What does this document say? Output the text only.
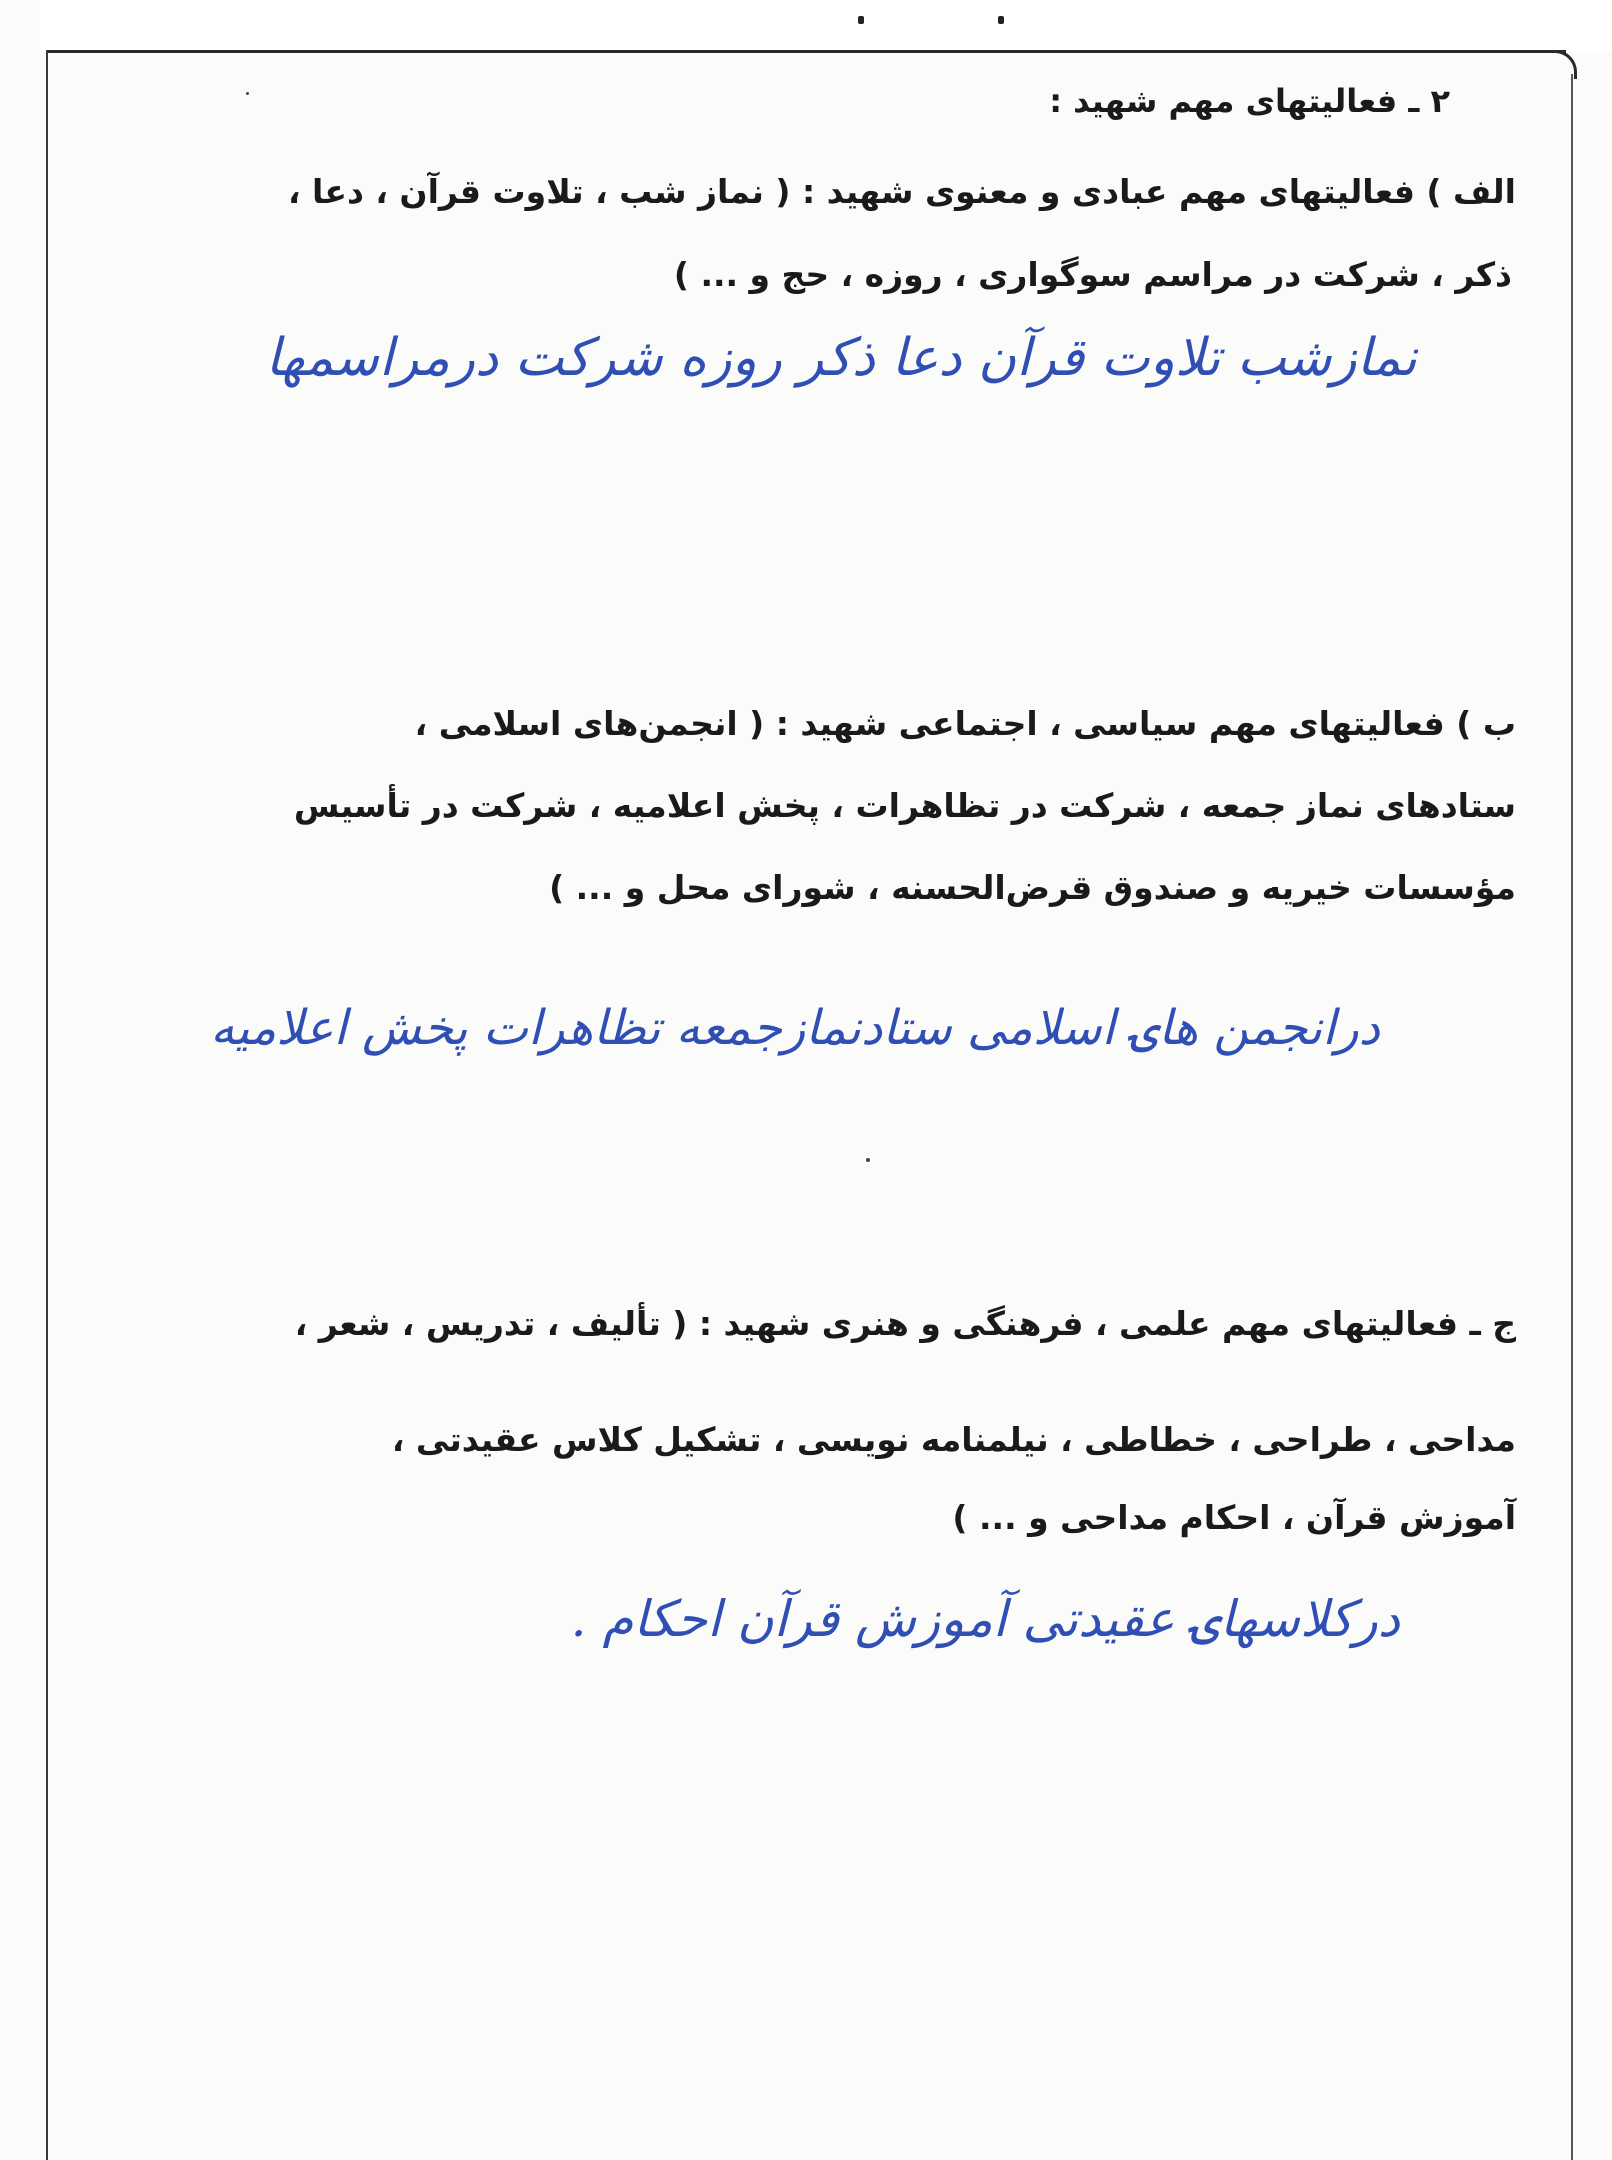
۲ ـ فعالیتهای مهم شهید :

الف ) فعالیتهای مهم عبادی و معنوی شهید : ( نماز شب ، تلاوت قرآن ، دعا ،

ذکر ، شرکت در مراسم سوگواری ، روزه ، حج و ... )

نمازشب تلاوت قرآن دعا ذکر روزه شرکت درمراسمها

ب ) فعالیتهای مهم سیاسی ، اجتماعی شهید : ( انجمن‌های اسلامی ،

ستادهای نماز جمعه ، شرکت در تظاهرات ، پخش اعلامیه ، شرکت در تأسیس

مؤسسات خیریه و صندوق قرض‌الحسنه ، شورای محل و ... )

درانجمن هاۍ اسلامی ستادنمازجمعه تظاهرات پخش اعلامیه

ج ـ فعالیتهای مهم علمی ، فرهنگی و هنری شهید : ( تألیف ، تدریس ، شعر ،

مداحی ، طراحی ، خطاطی ، نیلمنامه نویسی ، تشکیل کلاس عقیدتی ،

آموزش قرآن ، احکام مداحی و ... )

درکلاسهاۍ عقیدتی آموزش قرآن احکام .
